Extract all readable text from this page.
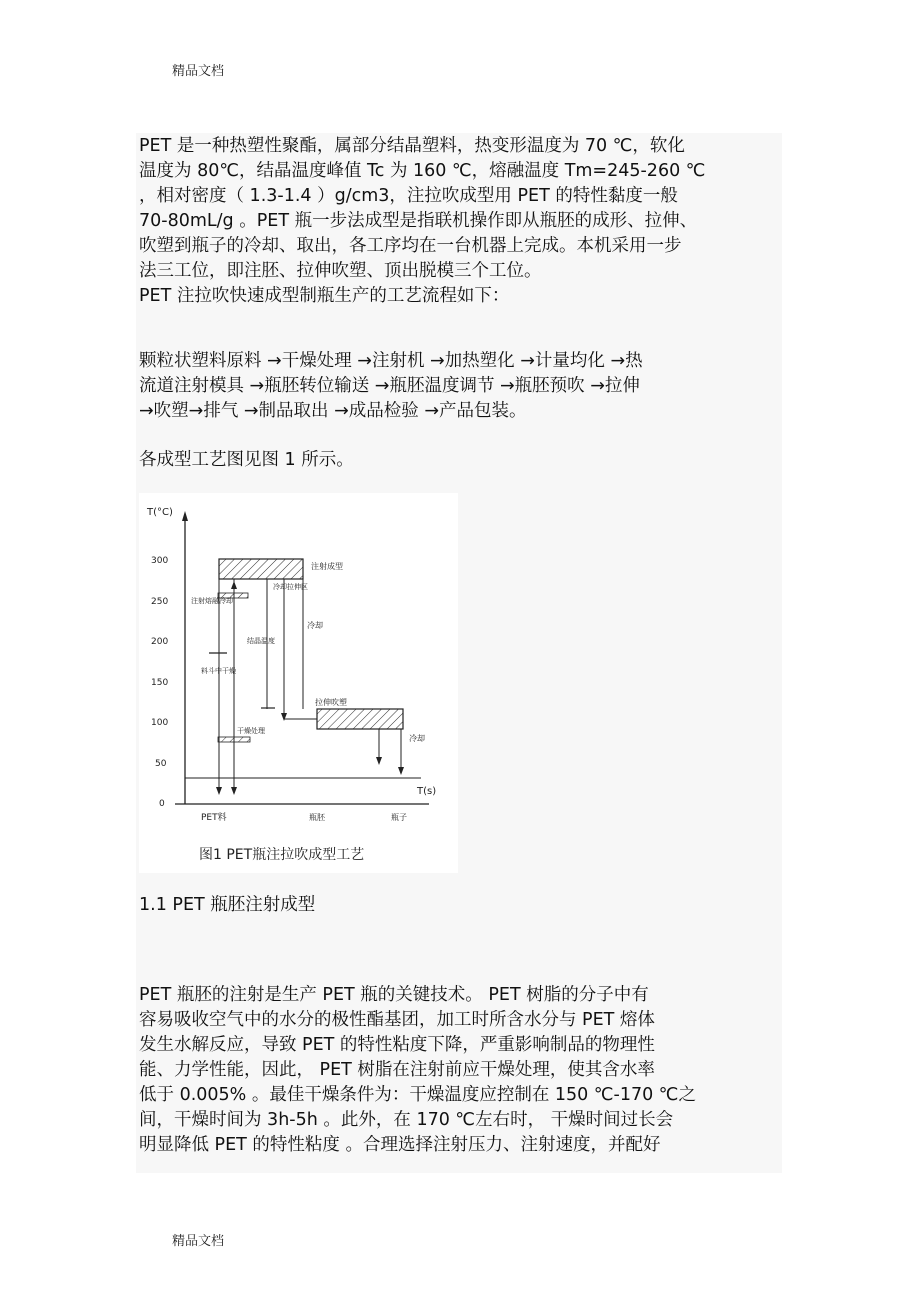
精品文档
PET 是一种热塑性聚酯，属部分结晶塑料，热变形温度为 70 ℃，软化
温度为 80℃，结晶温度峰值 Tc 为 160 ℃，熔融温度 Tm=245-260 ℃
，相对密度（ 1.3-1.4 ）g/cm3，注拉吹成型用 PET 的特性黏度一般
70-80mL/g 。PET 瓶一步法成型是指联机操作即从瓶胚的成形、拉伸、
吹塑到瓶子的冷却、取出，各工序均在一台机器上完成。本机采用一步
法三工位，即注胚、拉伸吹塑、顶出脱模三个工位。
PET 注拉吹快速成型制瓶生产的工艺流程如下：
颗粒状塑料原料 →干燥处理 →注射机 →加热塑化 →计量均化 →热
流道注射模具 →瓶胚转位输送 →瓶胚温度调节 →瓶胚预吹 →拉伸
→吹塑→排气 →制品取出 →成品检验 →产品包装。
各成型工艺图见图 1 所示。
T(°C)
T(s)
300
250
200
150
100
50
0
注射成型
拉伸吹塑
注射熔融冷却
料斗中干燥
干燥处理
冷却
冷却
结晶温度
冷却拉伸区
PET料	瓶胚	瓶子
图1 PET瓶注拉吹成型工艺
1.1 PET 瓶胚注射成型
PET 瓶胚的注射是生产 PET 瓶的关键技术。 PET 树脂的分子中有
容易吸收空气中的水分的极性酯基团，加工时所含水分与 PET 熔体
发生水解反应，导致 PET 的特性粘度下降，严重影响制品的物理性
能、力学性能，因此， PET 树脂在注射前应干燥处理，使其含水率
低于 0.005% 。最佳干燥条件为：干燥温度应控制在 150 ℃-170 ℃之
间，干燥时间为 3h-5h 。此外，在 170 ℃左右时， 干燥时间过长会
明显降低 PET 的特性粘度 。合理选择注射压力、注射速度，并配好
精品文档
